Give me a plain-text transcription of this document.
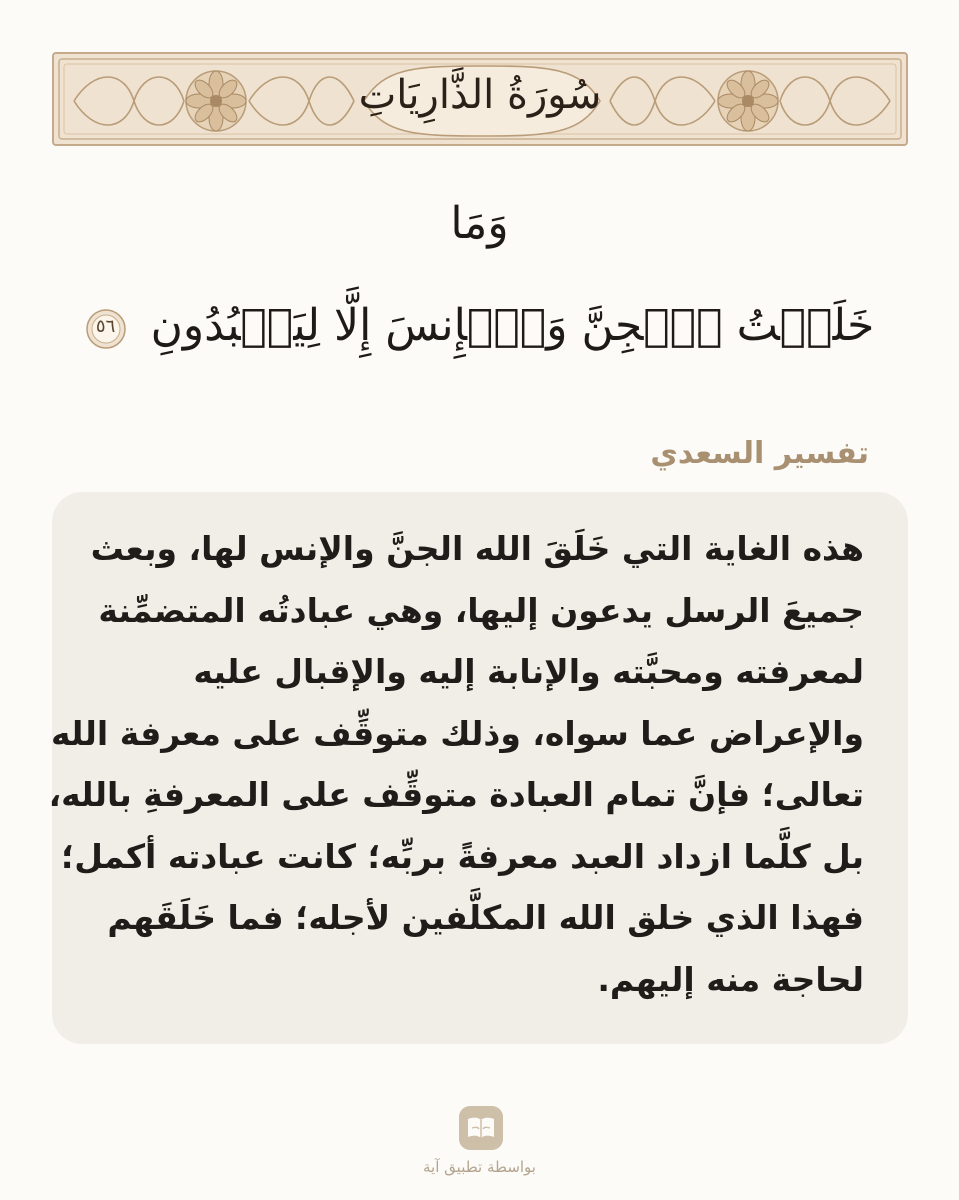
سُورَةُ الذَّارِيَاتِ
وَمَا
خَلَقۡتُ ٱلۡجِنَّ وَٱلۡإِنسَ إِلَّا لِيَعۡبُدُونِ
٥٦
تفسير السعدي
هذه الغاية التي خَلَقَ الله الجنَّ والإنس لها، وبعث
جميعَ الرسل يدعون إليها، وهي عبادتُه المتضمِّنة
لمعرفته ومحبَّته والإنابة إليه والإقبال عليه
والإعراض عما سواه، وذلك متوقِّف على معرفة الله
تعالى؛ فإنَّ تمام العبادة متوقِّف على المعرفةِ بالله،
بل كلَّما ازداد العبد معرفةً بربِّه؛ كانت عبادته أكمل؛
فهذا الذي خلق الله المكلَّفين لأجله؛ فما خَلَقَهم
لحاجة منه إليهم.
بواسطة تطبيق آية
